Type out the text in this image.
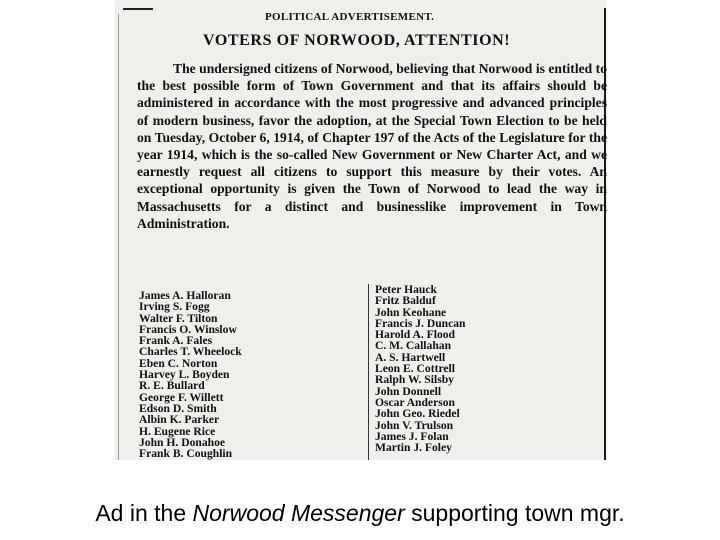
POLITICAL ADVERTISEMENT.
VOTERS OF NORWOOD, ATTENTION!

The undersigned citizens of Norwood, believing that Norwood is entitled to the best possible form of Town Government and that its affairs should be administered in accordance with the most progressive and advanced principles of modern business, favor the adoption, at the Special Town Election to be held on Tuesday, October 6, 1914, of Chapter 197 of the Acts of the Legislature for the year 1914, which is the so-called New Government or New Charter Act, and we earnestly request all citizens to support this measure by their votes. An exceptional opportunity is given the Town of Norwood to lead the way in Massachusetts for a distinct and businesslike improvement in Town Administration.

James A. Halloran
Irving S. Fogg
Walter F. Tilton
Francis O. Winslow
Frank A. Fales
Charles T. Wheelock
Eben C. Norton
Harvey L. Boyden
R. E. Bullard
George F. Willett
Edson D. Smith
Albin K. Parker
H. Eugene Rice
John H. Donahoe
Frank B. Coughlin
Peter Hauck
Fritz Balduf
John Keohane
Francis J. Duncan
Harold A. Flood
C. M. Callahan
A. S. Hartwell
Leon E. Cottrell
Ralph W. Silsby
John Donnell
Oscar Anderson
John Geo. Riedel
John V. Trulson
James J. Folan
Martin J. Foley
Ad in the Norwood Messenger supporting town mgr.
